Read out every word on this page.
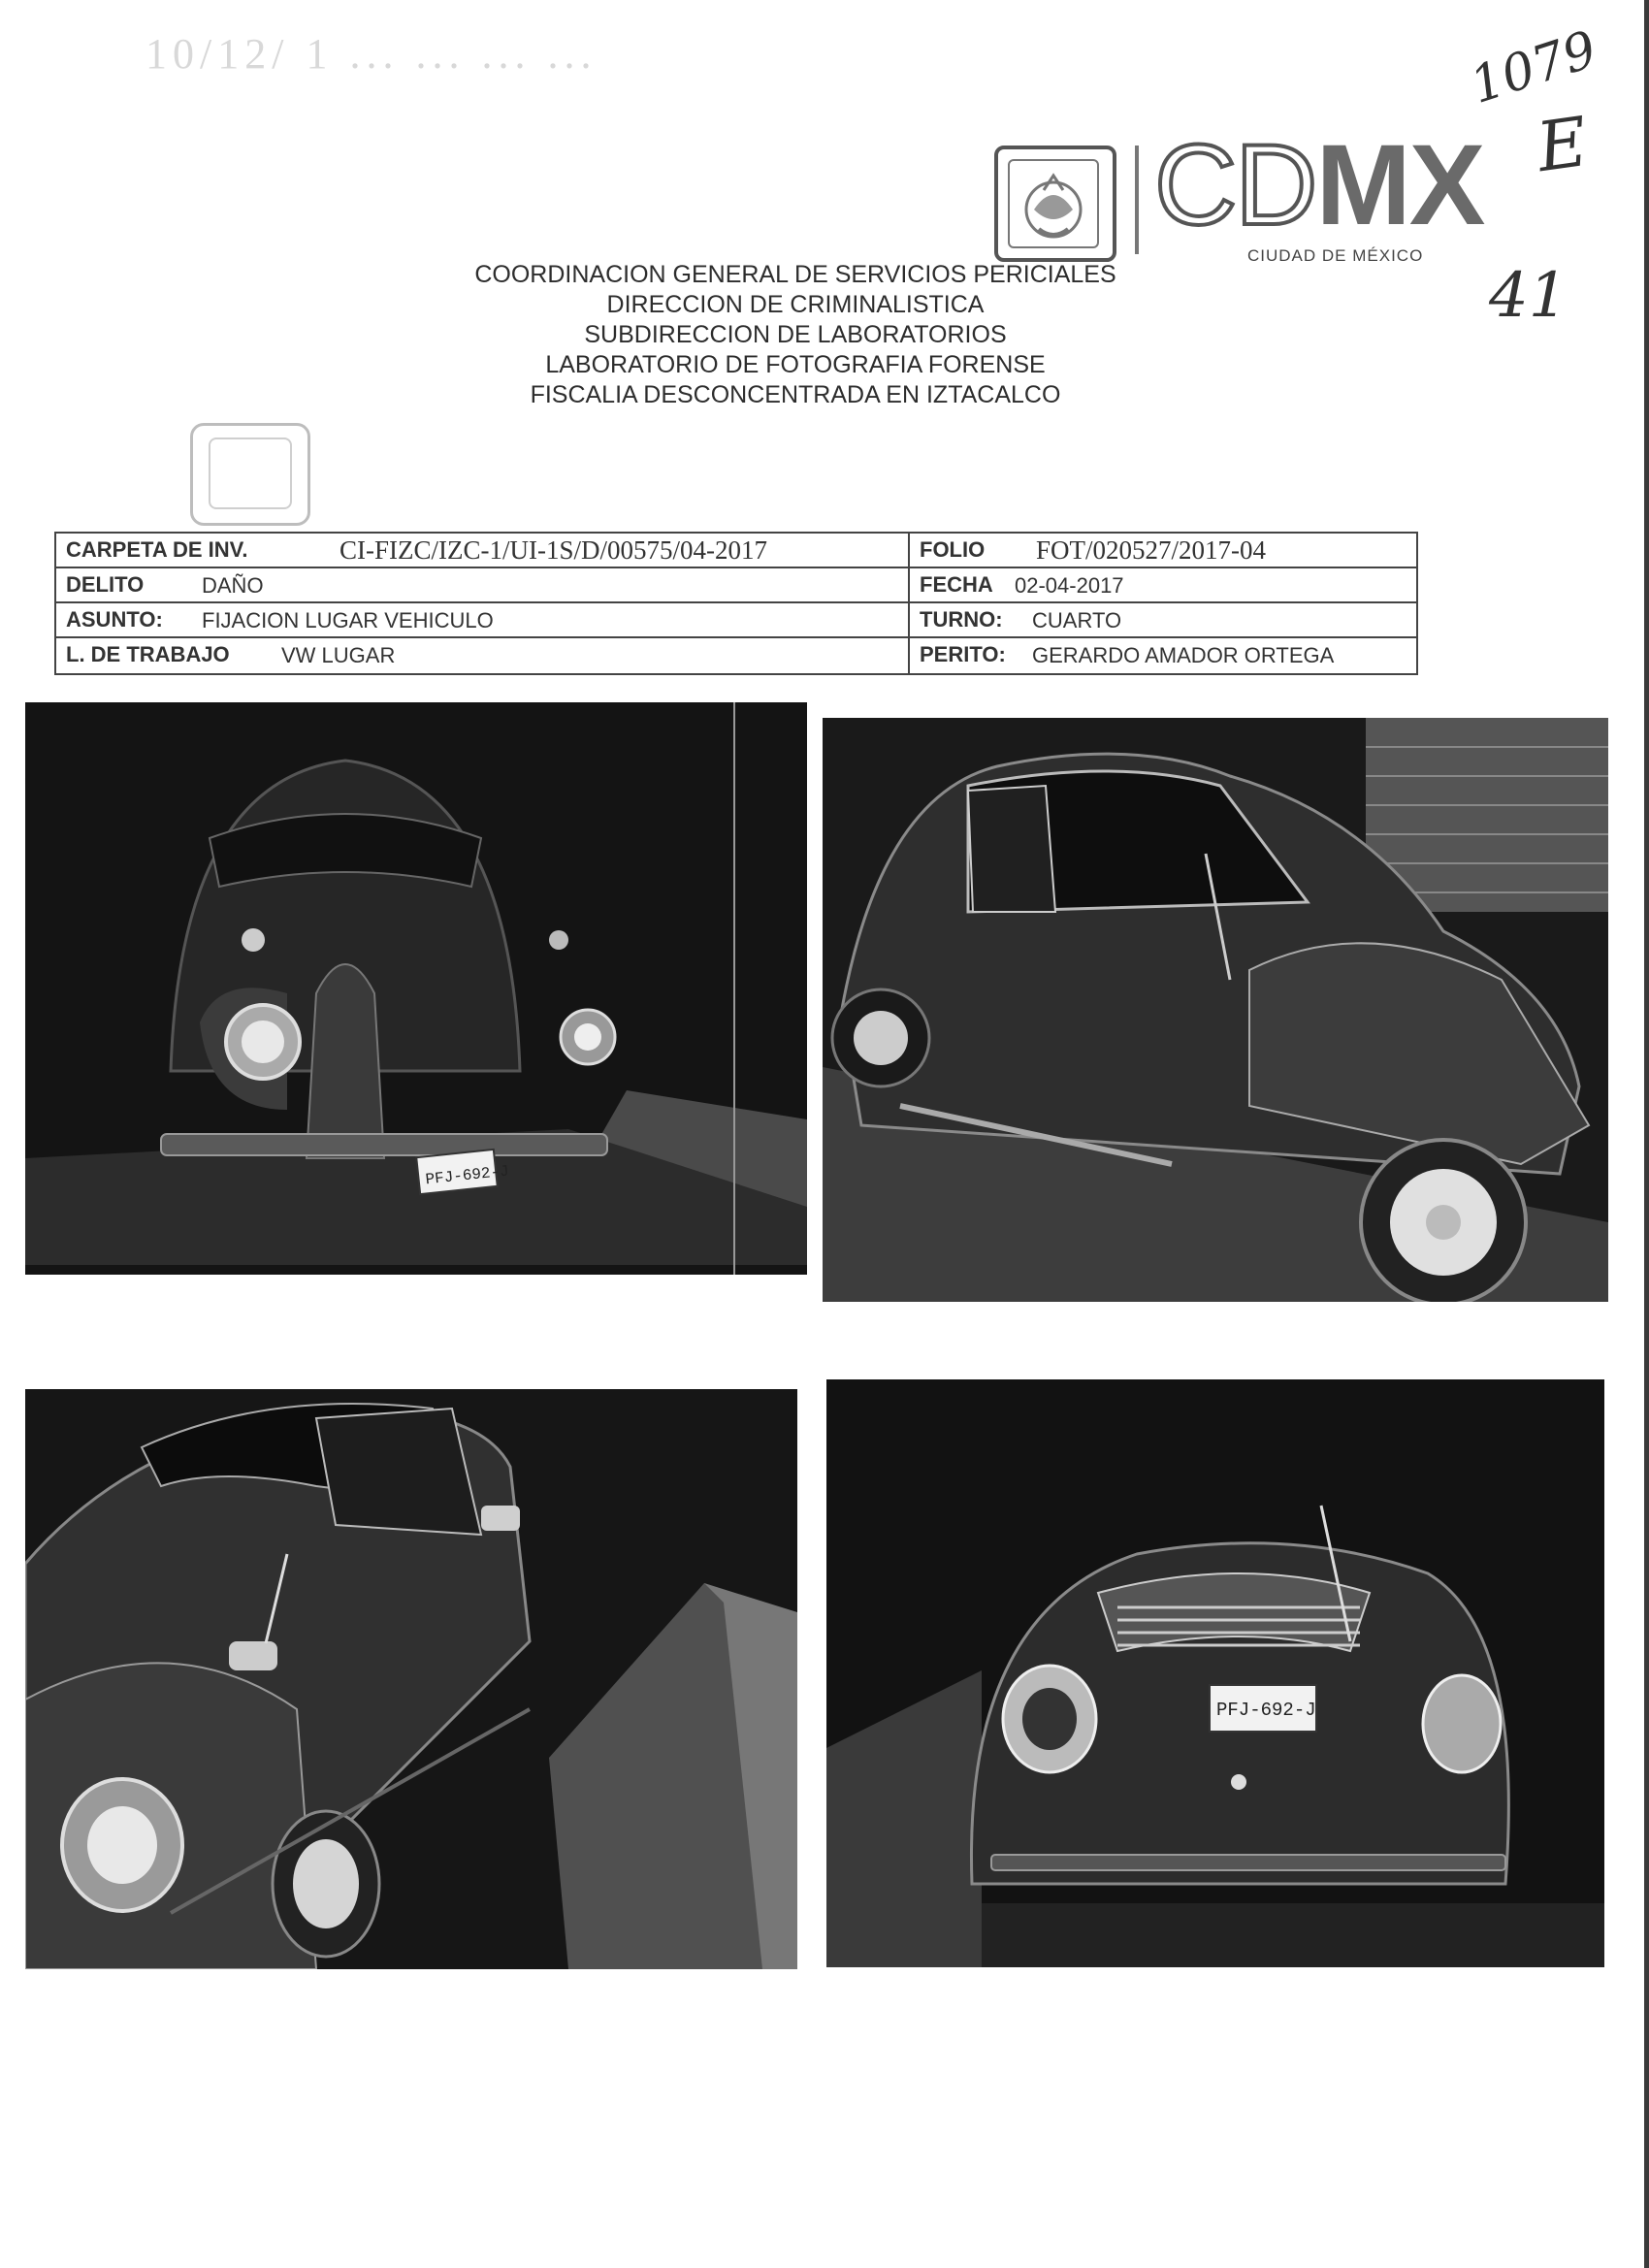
10/12/ 1 ... ... ... ...
CDMX
CIUDAD DE MÉXICO
1079
E
41
COORDINACION GENERAL DE SERVICIOS PERICIALES
DIRECCION DE CRIMINALISTICA
SUBDIRECCION DE LABORATORIOS
LABORATORIO DE FOTOGRAFIA FORENSE
FISCALIA DESCONCENTRADA EN IZTACALCO
CARPETA DE INV.	CI-FIZC/IZC-1/UI-1S/D/00575/04-2017
DELITO	DAÑO
ASUNTO: FIJACION LUGAR VEHICULO
L. DE TRABAJO VW LUGAR
FOLIO FOT/020527/2017-04
FECHA 02-04-2017
TURNO: CUARTO
PERITO: GERARDO AMADOR ORTEGA
PFJ-692-J
PFJ-692-J
